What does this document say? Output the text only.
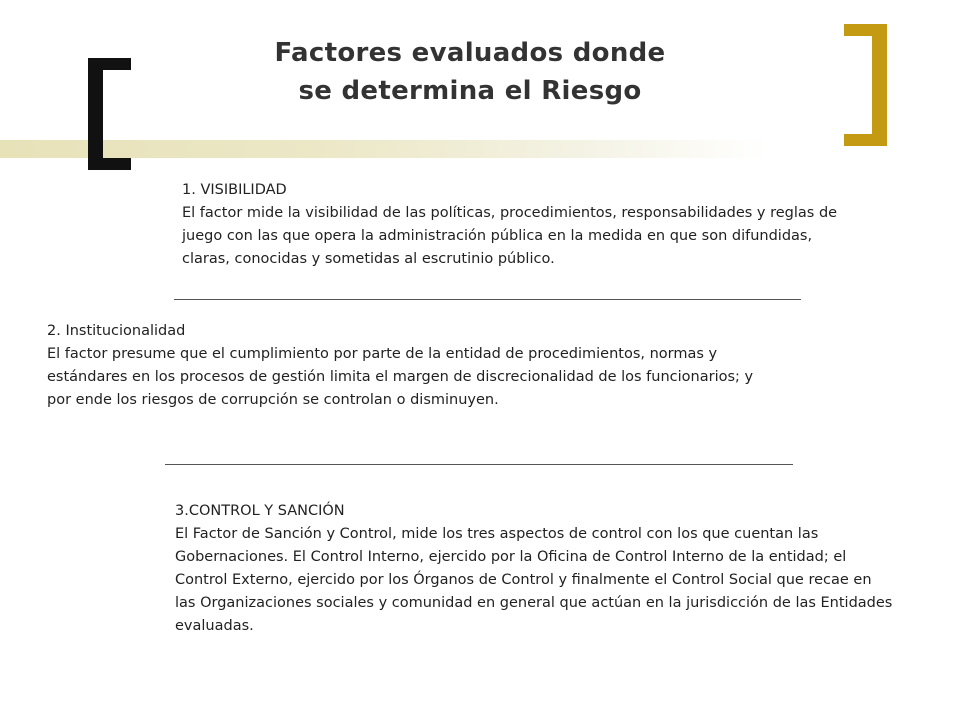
Factores evaluados donde
se determina el Riesgo
1. VISIBILIDAD
El factor mide la visibilidad de las políticas, procedimientos, responsabilidades y reglas de juego con las que opera la administración pública en la medida en que son difundidas, claras, conocidas y sometidas al escrutinio público.
2. Institucionalidad
El factor presume que el cumplimiento por parte de la entidad de procedimientos, normas y estándares en los procesos de gestión limita el margen de discrecionalidad de los funcionarios; y por ende los riesgos de corrupción se controlan o disminuyen.
3.CONTROL Y SANCIÓN
El Factor de Sanción y Control, mide los tres aspectos de control con los que cuentan las Gobernaciones. El Control Interno, ejercido por la Oficina de Control Interno de la entidad; el Control Externo, ejercido por los Órganos de Control y finalmente el Control Social que recae en las Organizaciones sociales y comunidad en general que actúan en la jurisdicción de las Entidades evaluadas.
